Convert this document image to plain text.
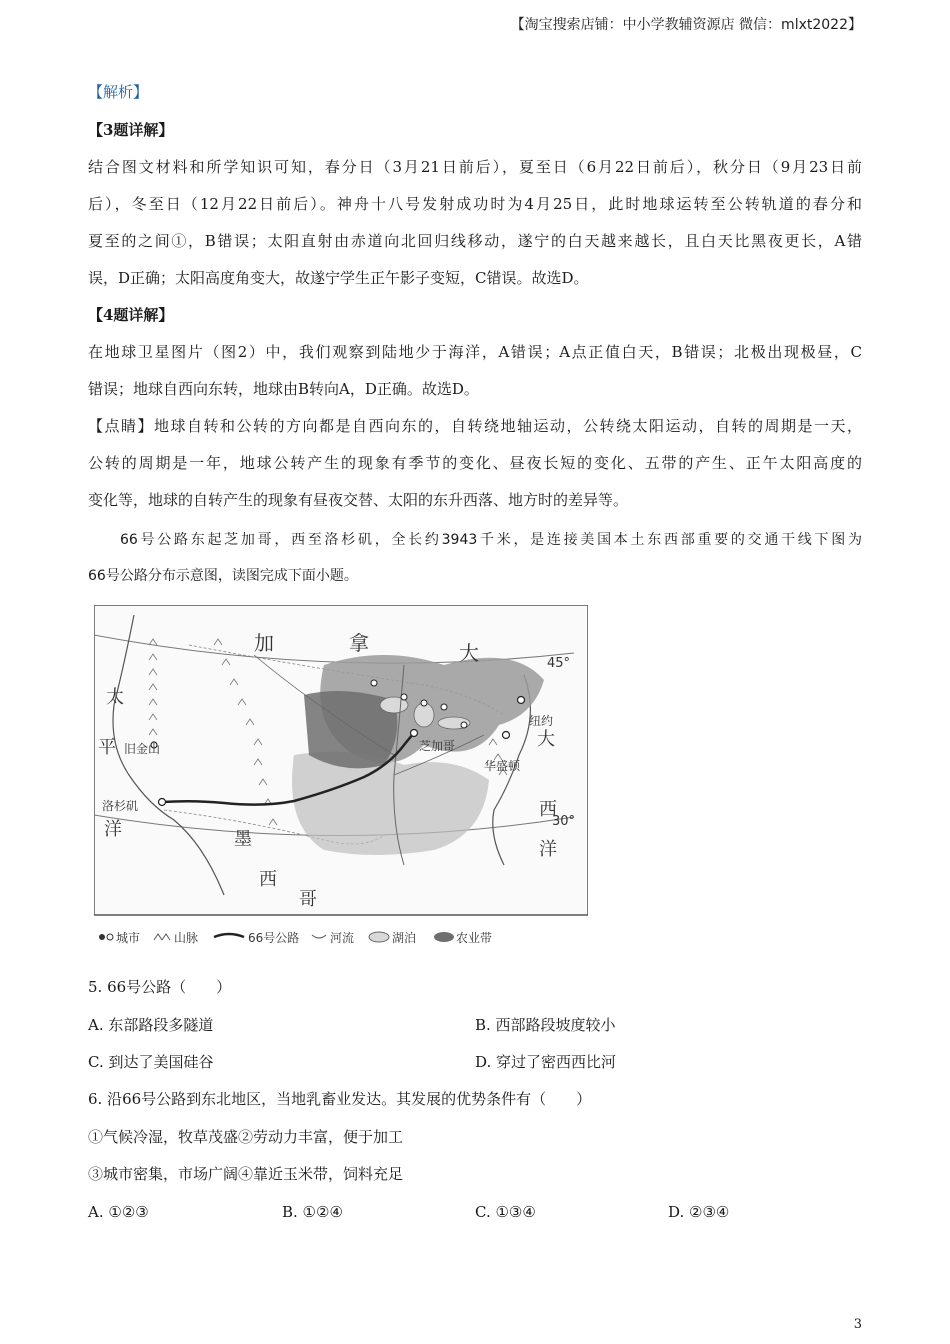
【淘宝搜索店铺：中小学教辅资源店 微信：mlxt2022】
【解析】
【3题详解】
结合图文材料和所学知识可知，春分日（3月21日前后），夏至日（6月22日前后），秋分日（9月23日前
后），冬至日（12月22日前后）。神舟十八号发射成功时为4月25日，此时地球运转至公转轨道的春分和
夏至的之间①，B错误；太阳直射由赤道向北回归线移动，遂宁的白天越来越长，且白天比黑夜更长，A错
误，D正确；太阳高度角变大，故遂宁学生正午影子变短，C错误。故选D。
【4题详解】
在地球卫星图片（图2）中，我们观察到陆地少于海洋，A错误；A点正值白天，B错误；北极出现极昼，C
错误；地球自西向东转，地球由B转向A，D正确。故选D。
【点睛】地球自转和公转的方向都是自西向东的，自转绕地轴运动，公转绕太阳运动，自转的周期是一天，
公转的周期是一年，地球公转产生的现象有季节的变化、昼夜长短的变化、五带的产生、正午太阳高度的
变化等，地球的自转产生的现象有昼夜交替、太阳的东升西落、地方时的差异等。
66号公路东起芝加哥，西至洛杉矶，全长约3943千米，是连接美国本土东西部重要的交通干线下图为
66号公路分布示意图，读图完成下面小题。
加	拿	大
太
平
洋
大
西
洋
墨
西
哥
45°
30°
旧金山
洛杉矶
芝加哥
纽约
华盛顿
城市	山脉	66号公路	河流	湖泊	农业带
5. 66号公路（　　）
A. 东部路段多隧道	B. 西部路段坡度较小
C. 到达了美国硅谷	D. 穿过了密西西比河
6. 沿66号公路到东北地区，当地乳畜业发达。其发展的优势条件有（　　）
①气候冷湿，牧草茂盛②劳动力丰富，便于加工
③城市密集，市场广阔④靠近玉米带，饲料充足
A. ①②③	B. ①②④	C. ①③④	D. ②③④
3
